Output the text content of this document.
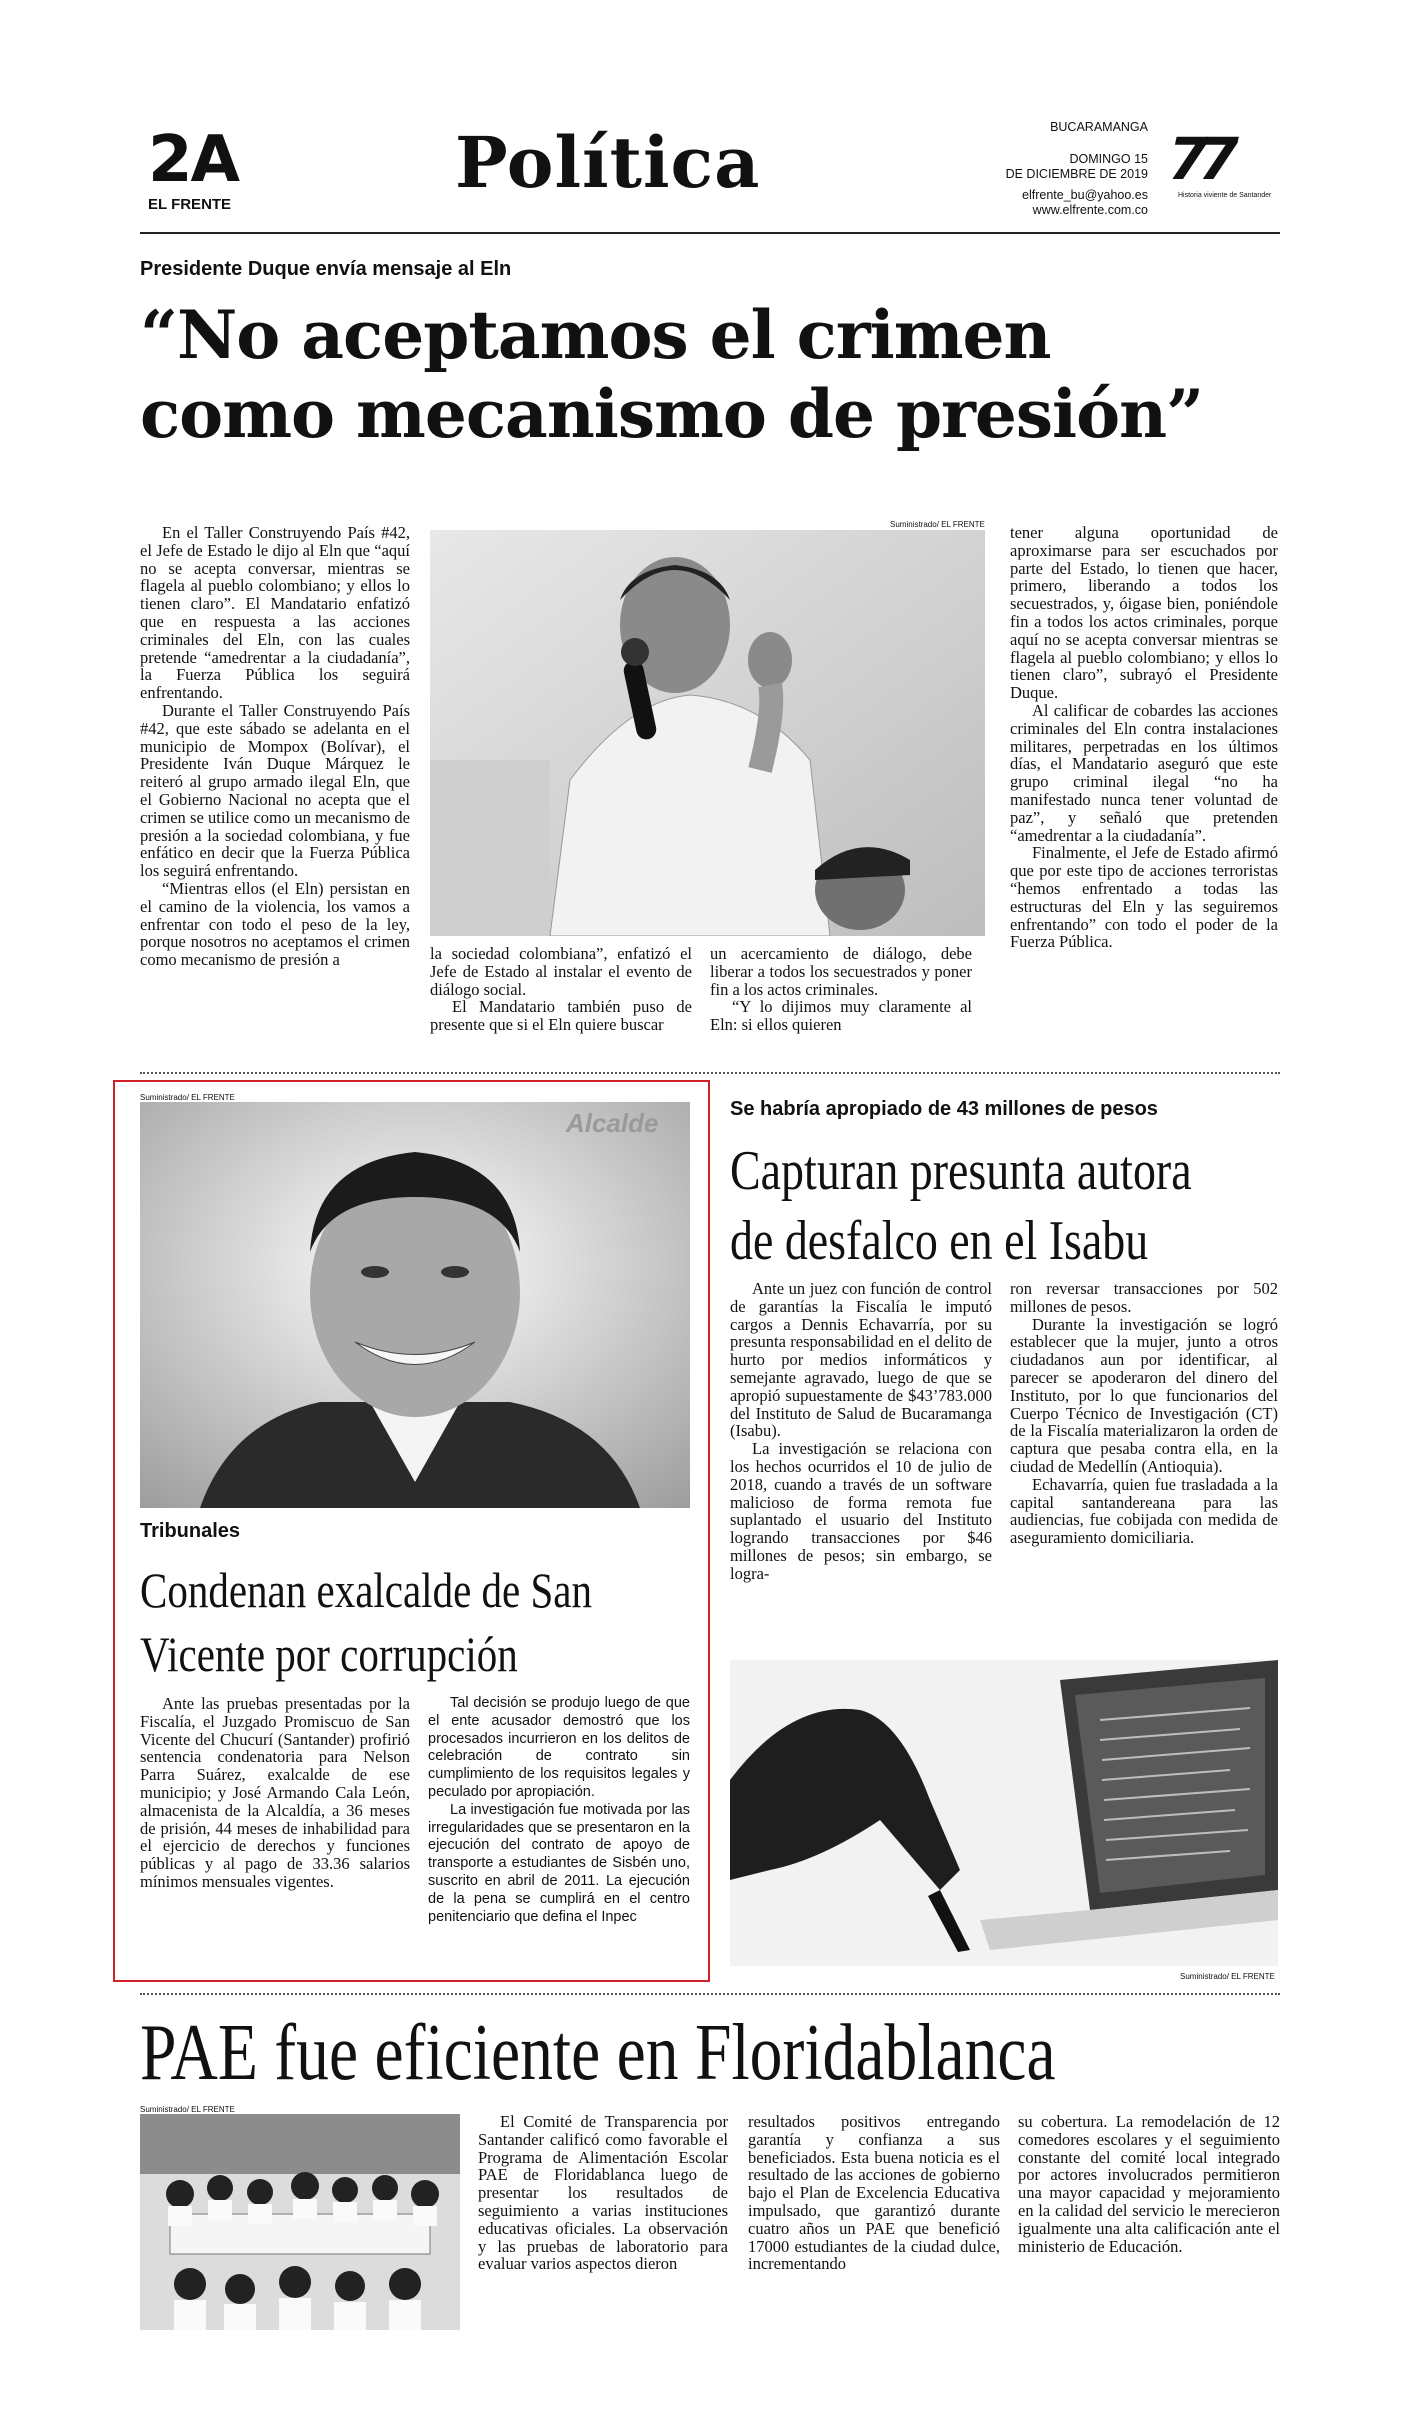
2A
EL FRENTE
Política	BUCARAMANGA
DOMINGO 15
DE DICIEMBRE DE 2019
elfrente_bu@yahoo.es
www.elfrente.com.co
77
Historia viviente de Santander
Presidente Duque envía mensaje al Eln
“No aceptamos el crimen
como mecanismo de presión”

En el Taller Construyendo País #42, el Jefe de Estado le dijo al Eln que “aquí no se acepta conversar, mientras se flagela al pueblo colombiano; y ellos lo tienen claro”. El Mandatario enfatizó que en respuesta a las acciones criminales del Eln, con las cuales pretende “amedrentar a la ciudadanía”, la Fuerza Pública los seguirá enfrentando.

Durante el Taller Construyendo País #42, que este sábado se adelanta en el municipio de Mompox (Bolívar), el Presidente Iván Duque Márquez le reiteró al grupo armado ilegal Eln, que el Gobierno Nacional no acepta que el crimen se utilice como un mecanismo de presión a la sociedad colombiana, y fue enfático en decir que la Fuerza Pública los seguirá enfrentando.

“Mientras ellos (el Eln) persistan en el camino de la violencia, los vamos a enfrentar con todo el peso de la ley, porque nosotros no aceptamos el crimen como mecanismo de presión a

Suministrado/ EL FRENTE

la sociedad colombiana”, enfatizó el Jefe de Estado al instalar el evento de diálogo social.

El Mandatario también puso de presente que si el Eln quiere buscar

un acercamiento de diálogo, debe liberar a todos los secuestrados y poner fin a los actos criminales.

“Y lo dijimos muy claramente al Eln: si ellos quieren

tener alguna oportunidad de aproximarse para ser escuchados por parte del Estado, lo tienen que hacer, primero, liberando a todos los secuestrados, y, óigase bien, poniéndole fin a todos los actos criminales, porque aquí no se acepta conversar mientras se flagela al pueblo colombiano; y ellos lo tienen claro”, subrayó el Presidente Duque.

Al calificar de cobardes las acciones criminales del Eln contra instalaciones militares, perpetradas en los últimos días, el Mandatario aseguró que este grupo criminal ilegal “no ha manifestado nunca tener voluntad de paz”, y señaló que pretenden “amedrentar a la ciudadanía”.

Finalmente, el Jefe de Estado afirmó que por este tipo de acciones terroristas “hemos enfrentado a todas las estructuras del Eln y las seguiremos enfrentando” con todo el poder de la Fuerza Pública.

Suministrado/ EL FRENTE
Alcalde
Tribunales
Condenan exalcalde de San
Vicente por corrupción

Ante las pruebas presentadas por la Fiscalía, el Juzgado Promiscuo de San Vicente del Chucurí (Santander) profirió sentencia condenatoria para Nelson Parra Suárez, exalcalde de ese municipio; y José Armando Cala León, almacenista de la Alcaldía, a 36 meses de prisión, 44 meses de inhabilidad para el ejercicio de derechos y funciones públicas y al pago de 33.36 salarios mínimos mensuales vigentes.

Tal decisión se produjo luego de que el ente acusador demostró que los procesados incurrieron en los delitos de celebración de contrato sin cumplimiento de los requisitos legales y peculado por apropiación.

La investigación fue motivada por las irregularidades que se presentaron en la ejecución del contrato de apoyo de transporte a estudiantes de Sisbén uno, suscrito en abril de 2011. La ejecución de la pena se cumplirá en el centro penitenciario que defina el Inpec

Se habría apropiado de 43 millones de pesos
Capturan presunta autora
de desfalco en el Isabu

Ante un juez con función de control de garantías la Fiscalía le imputó cargos a Dennis Echavarría, por su presunta responsabilidad en el delito de hurto por medios informáticos y semejante agravado, luego de que se apropió supuestamente de $43’783.000 del Instituto de Salud de Bucaramanga (Isabu).

La investigación se relaciona con los hechos ocurridos el 10 de julio de 2018, cuando a través de un software malicioso de forma remota fue suplantado el usuario del Instituto logrando transacciones por $46 millones de pesos; sin embargo, se logra-

ron reversar transacciones por 502 millones de pesos.

Durante la investigación se logró establecer que la mujer, junto a otros ciudadanos aun por identificar, al parecer se apoderaron del dinero del Instituto, por lo que funcionarios del Cuerpo Técnico de Investigación (CT) de la Fiscalía materializaron la orden de captura que pesaba contra ella, en la ciudad de Medellín (Antioquia).

Echavarría, quien fue trasladada a la capital santandereana para las audiencias, fue cobijada con medida de aseguramiento domiciliaria.

Suministrado/ EL FRENTE
PAE fue eficiente en Floridablanca
Suministrado/ EL FRENTE

El Comité de Transparencia por Santander calificó como favorable el Programa de Alimentación Escolar PAE de Floridablanca luego de presentar los resultados de seguimiento a varias instituciones educativas oficiales. La observación y las pruebas de laboratorio para evaluar varios aspectos dieron

resultados positivos entregando garantía y confianza a sus beneficiados. Esta buena noticia es el resultado de las acciones de gobierno bajo el Plan de Excelencia Educativa impulsado, que garantizó durante cuatro años un PAE que benefició 17000 estudiantes de la ciudad dulce, incrementando

su cobertura. La remodelación de 12 comedores escolares y el seguimiento constante del comité local integrado por actores involucrados permitieron una mayor capacidad y mejoramiento en la calidad del servicio le merecieron igualmente una alta calificación ante el ministerio de Educación.
